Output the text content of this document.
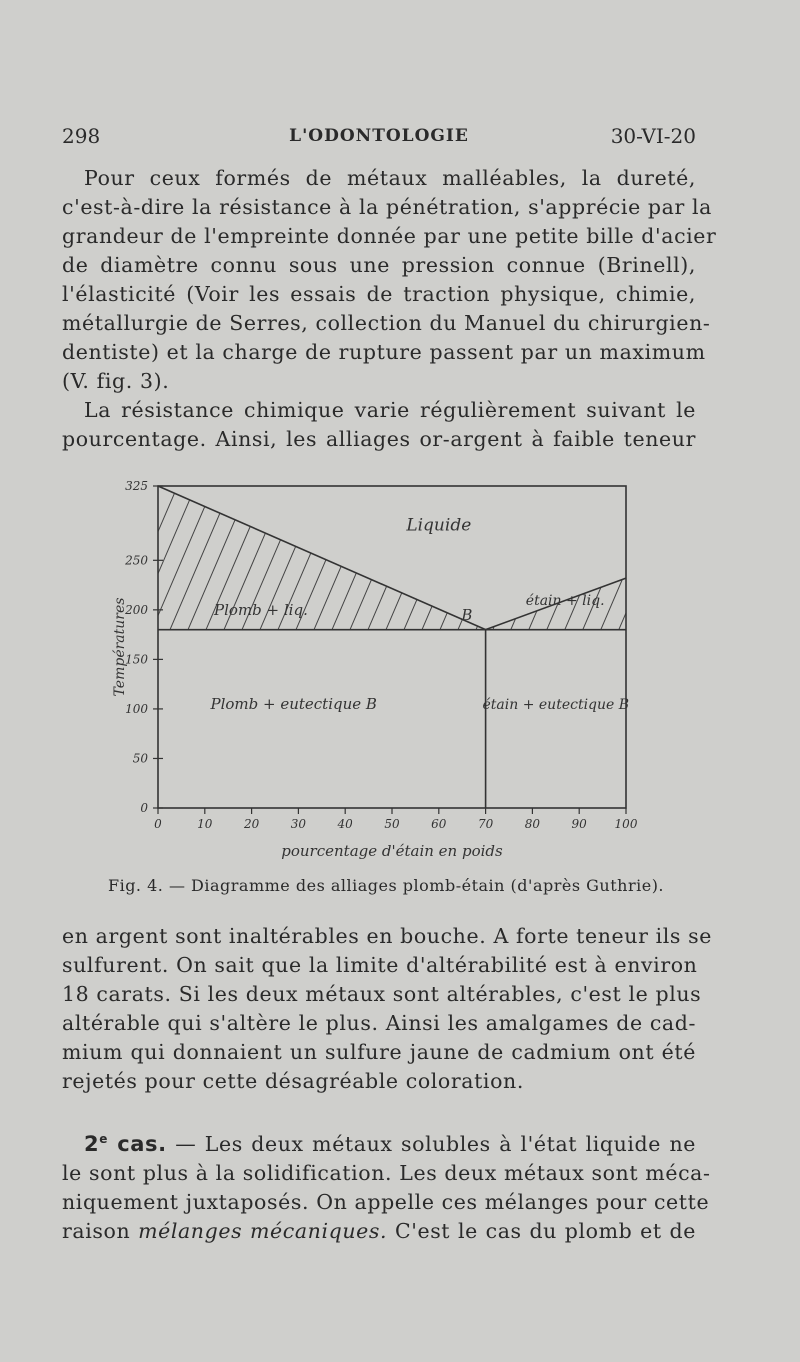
298	L'ODONTOLOGIE	30-VI-20
Pour ceux formés de métaux malléables, la dureté,
c'est-à-dire la résistance à la pénétration, s'apprécie par la
grandeur de l'empreinte donnée par une petite bille d'acier
de diamètre connu sous une pression connue (Brinell),
l'élasticité (Voir les essais de traction physique, chimie,
métallurgie de Serres, collection du Manuel du chirurgien-
dentiste) et la charge de rupture passent par un maximum
(V. fig. 3).
La résistance chimique varie régulièrement suivant le
pourcentage. Ainsi, les alliages or-argent à faible teneur
0	10	20	30	40	50	60	70	80	90 100
0
50
100
150
200
250
325
pourcentage d'étain en poids
Températures
Liquide
Plomb + liq.	étain + liq.
Plomb + eutectique B	étain + eutectique B
B
Fig. 4. — Diagramme des alliages plomb-étain (d'après Guthrie).
en argent sont inaltérables en bouche. A forte teneur ils se
sulfurent. On sait que la limite d'altérabilité est à environ
18 carats. Si les deux métaux sont altérables, c'est le plus
altérable qui s'altère le plus. Ainsi les amalgames de cad-
mium qui donnaient un sulfure jaune de cadmium ont été
rejetés pour cette désagréable coloration.
2e cas. — Les deux métaux solubles à l'état liquide ne
le sont plus à la solidification. Les deux métaux sont méca-
niquement juxtaposés. On appelle ces mélanges pour cette
raison mélanges mécaniques. C'est le cas du plomb et de
